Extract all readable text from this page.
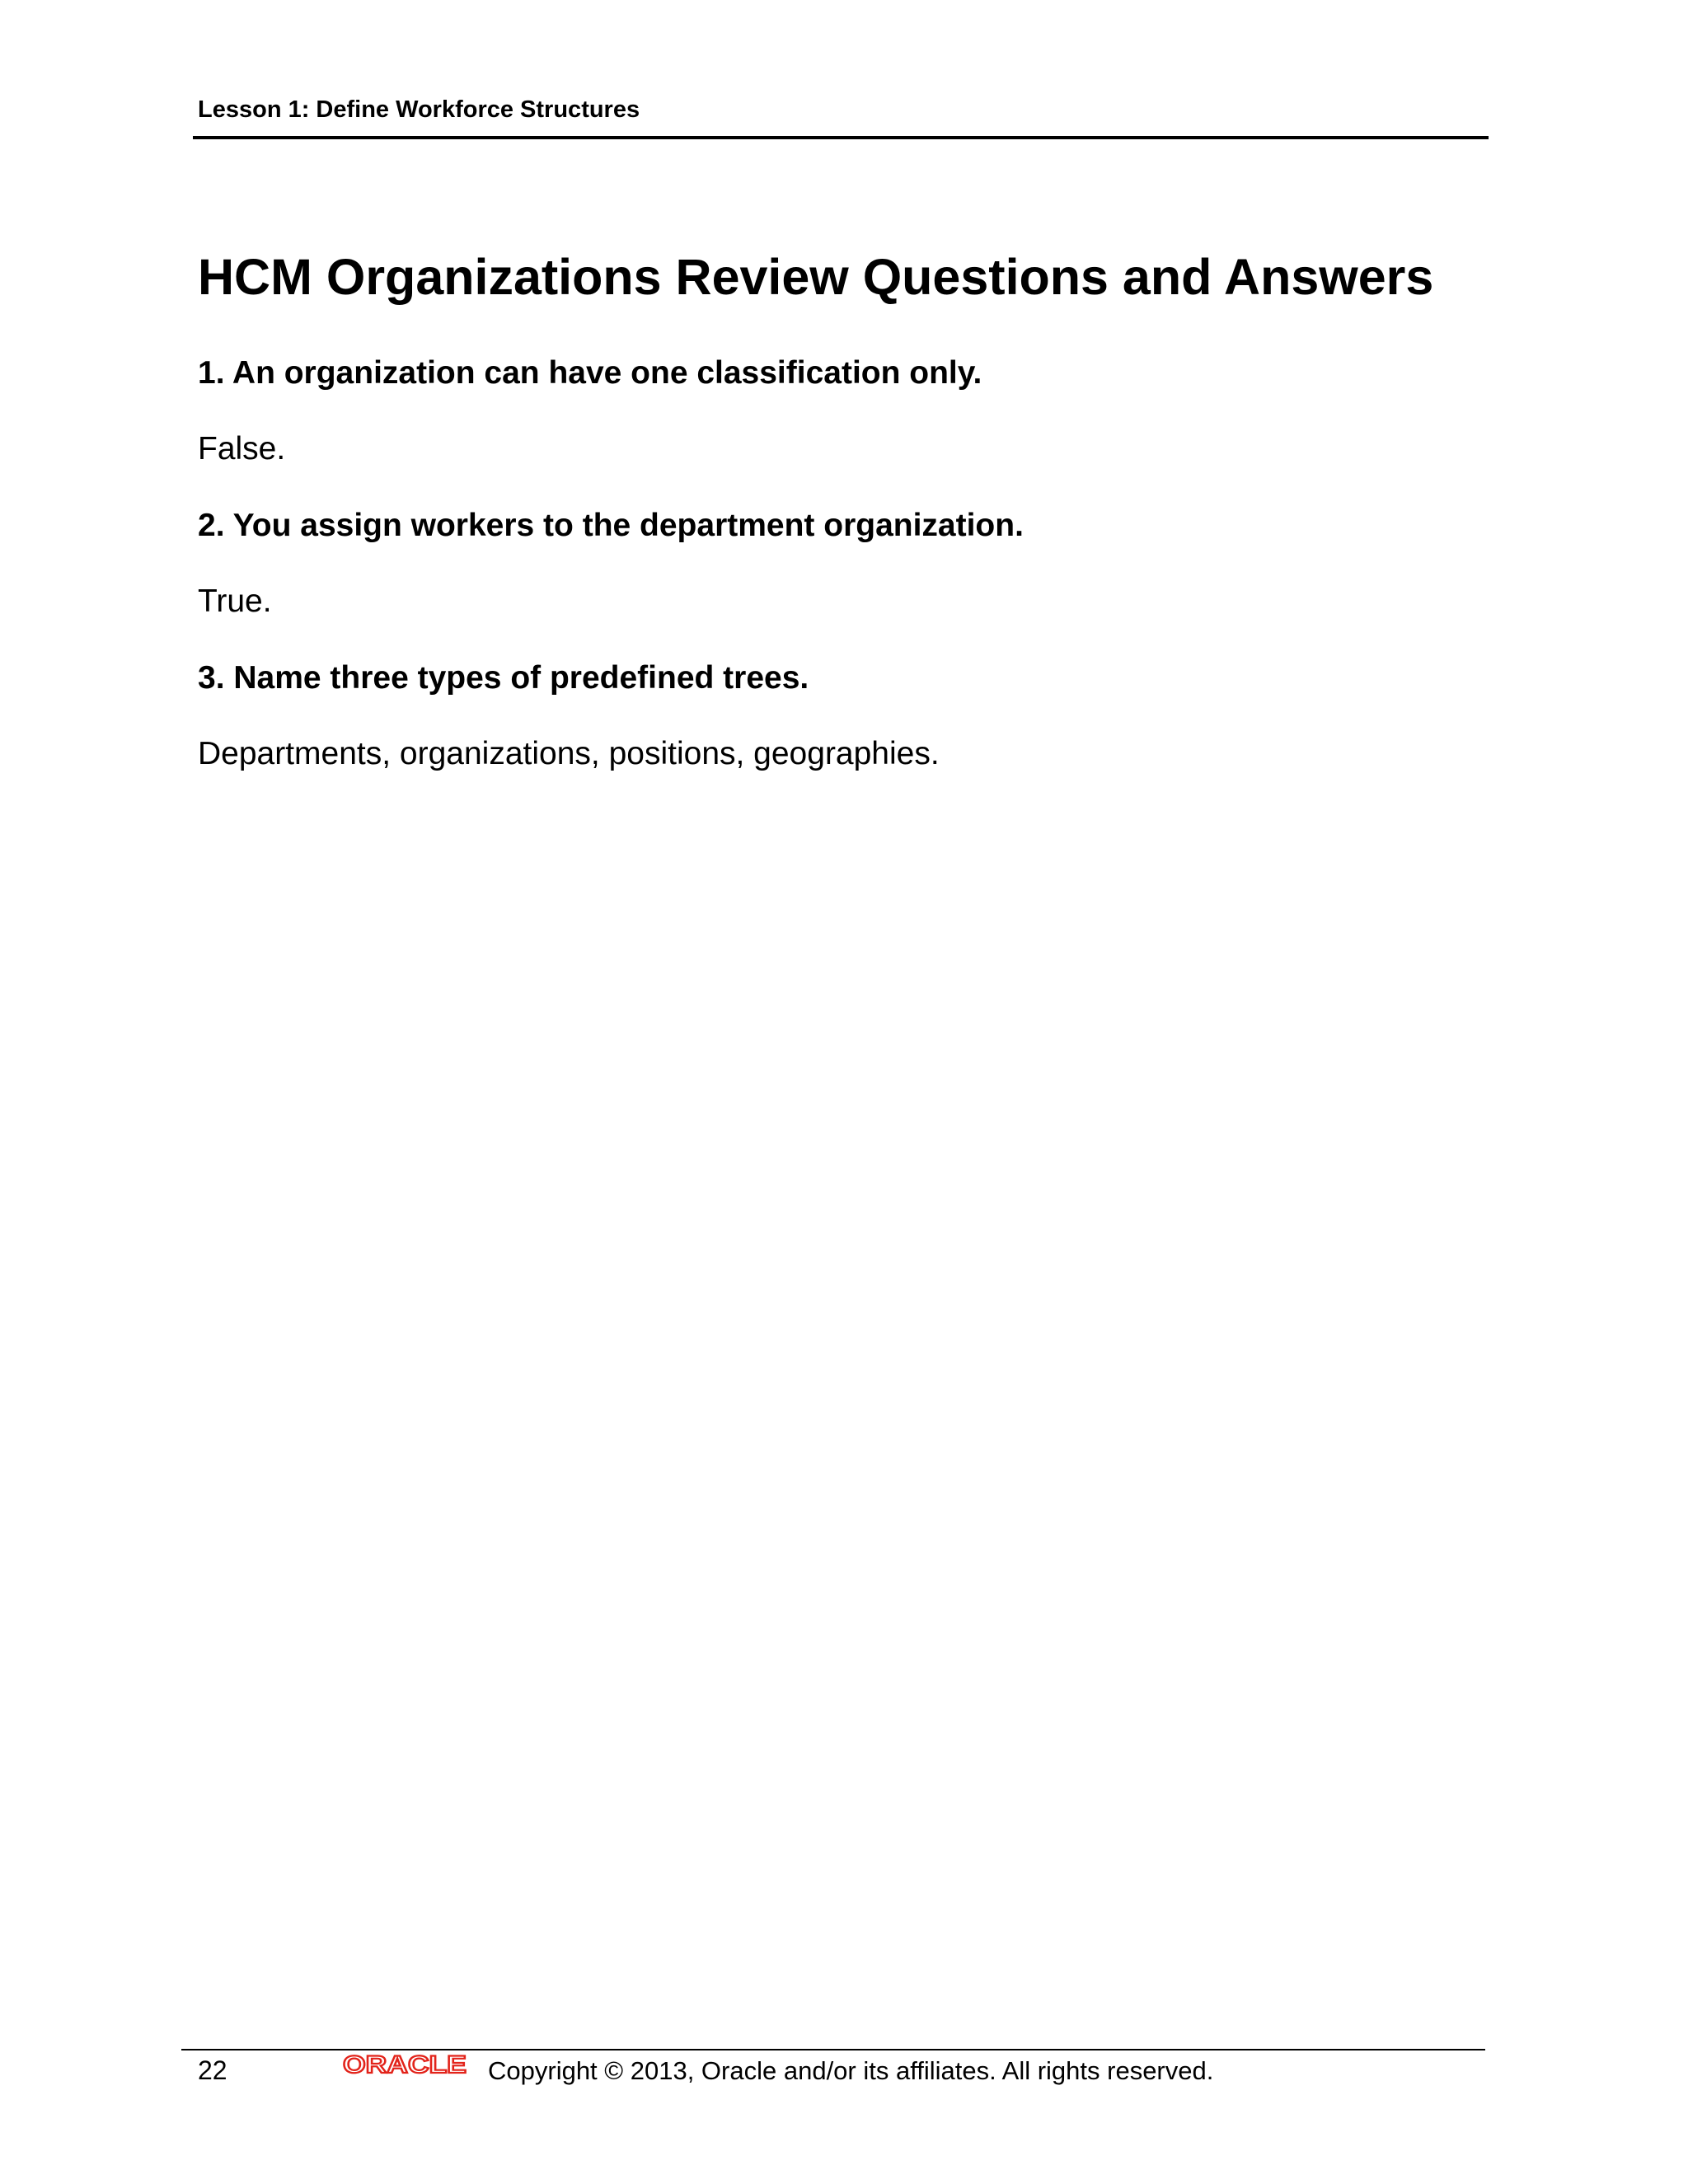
Lesson 1: Define Workforce Structures
HCM Organizations Review Questions and Answers

1. An organization can have one classification only.

False.

2. You assign workers to the department organization.

True.

3. Name three types of predefined trees.

Departments, organizations, positions, geographies.

22	ORACLE Copyright © 2013, Oracle and/or its affiliates. All rights reserved.
